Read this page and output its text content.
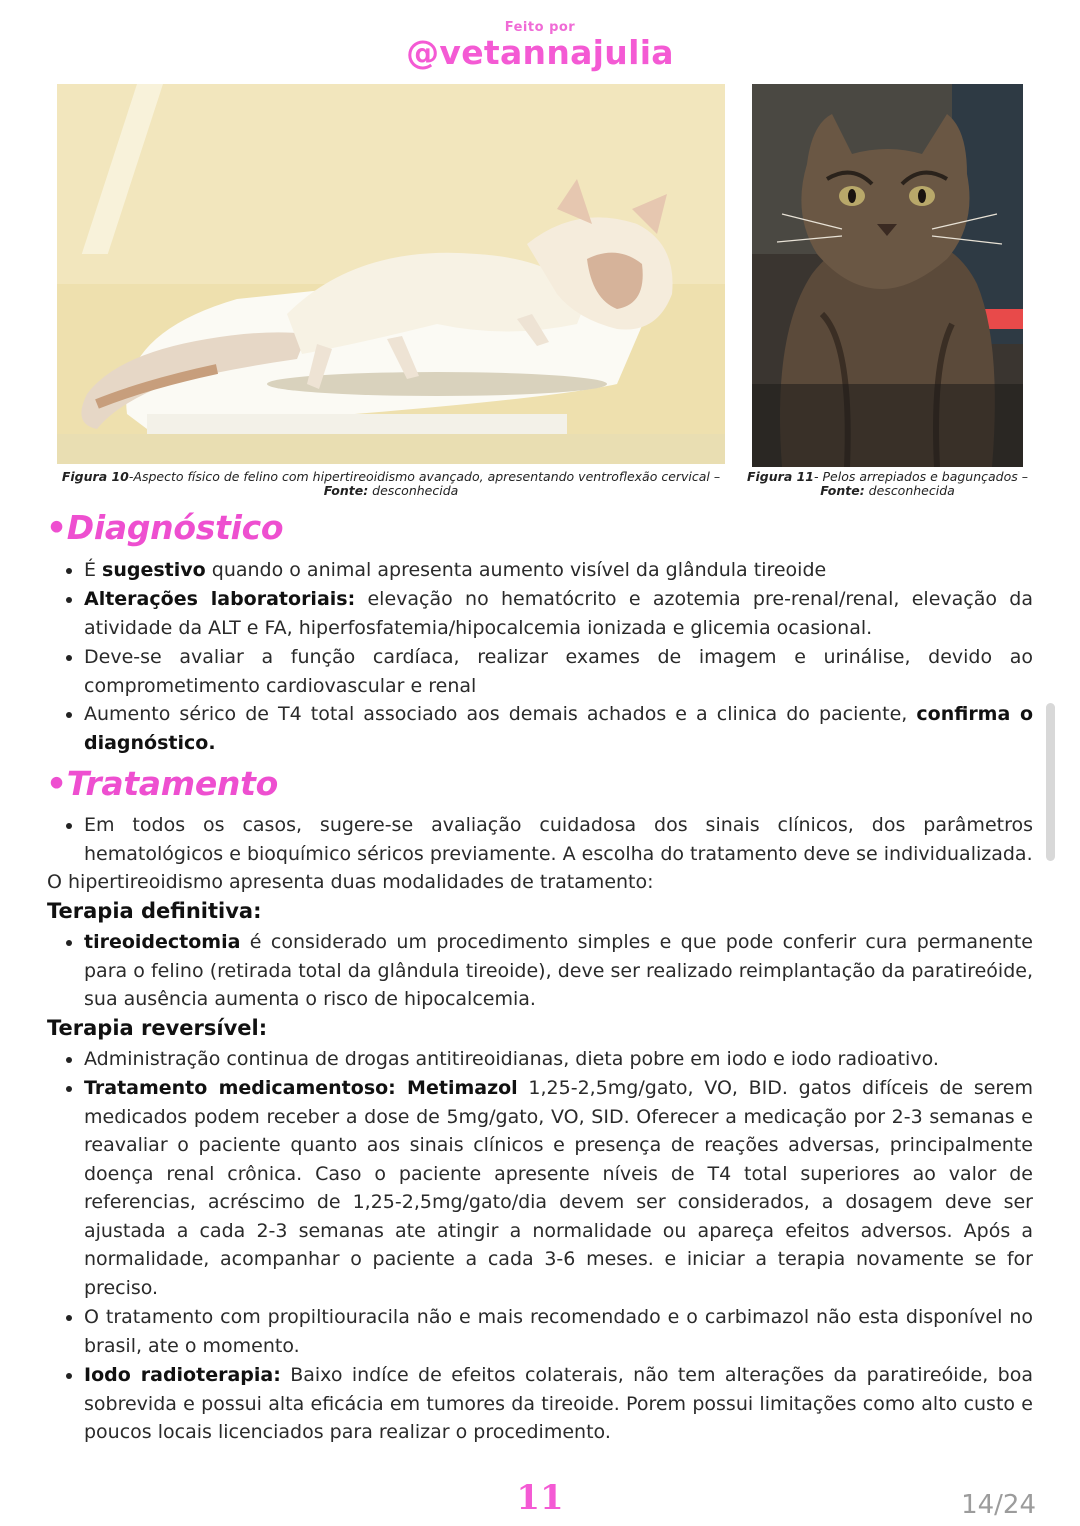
Feito por
@vetannajulia
Figura 10-Aspecto físico de felino com hipertireoidismo avançado, apresentando ventroflexão cervical – Fonte: desconhecida
Figura 11- Pelos arrepiados e bagunçados – Fonte: desconhecida
•Diagnóstico
É sugestivo quando o animal apresenta aumento visível da glândula tireoide
Alterações laboratoriais: elevação no hematócrito e azotemia pre-renal/renal, elevação da atividade da ALT e FA, hiperfosfatemia/hipocalcemia ionizada e glicemia ocasional.
Deve-se avaliar a função cardíaca, realizar exames de imagem e urinálise, devido ao comprometimento cardiovascular e renal
Aumento sérico de T4 total associado aos demais achados e a clinica do paciente, confirma o diagnóstico.
•Tratamento
Em todos os casos, sugere-se avaliação cuidadosa dos sinais clínicos, dos parâmetros hematológicos e bioquímico séricos previamente. A escolha do tratamento deve se individualizada.
O hipertireoidismo apresenta duas modalidades de tratamento:
Terapia definitiva:
tireoidectomia é considerado um procedimento simples e que pode conferir cura permanente para o felino (retirada total da glândula tireoide), deve ser realizado reimplantação da paratireóide, sua ausência aumenta o risco de hipocalcemia.
Terapia reversível:
Administração continua de drogas antitireoidianas, dieta pobre em iodo e iodo radioativo.
Tratamento medicamentoso: Metimazol 1,25-2,5mg/gato, VO, BID. gatos difíceis de serem medicados podem receber a dose de 5mg/gato, VO, SID. Oferecer a medicação por 2-3 semanas e reavaliar o paciente quanto aos sinais clínicos e presença de reações adversas, principalmente doença renal crônica. Caso o paciente apresente níveis de T4 total superiores ao valor de referencias, acréscimo de 1,25-2,5mg/gato/dia devem ser considerados, a dosagem deve ser ajustada a cada 2-3 semanas ate atingir a normalidade ou apareça efeitos adversos. Após a normalidade, acompanhar o paciente a cada 3-6 meses. e iniciar a terapia novamente se for preciso.
O tratamento com propiltiouracila não e mais recomendado e o carbimazol não esta disponível no brasil, ate o momento.
Iodo radioterapia: Baixo indíce de efeitos colaterais, não tem alterações da paratireóide, boa sobrevida e possui alta eficácia em tumores da tireoide. Porem possui limitações como alto custo e poucos locais licenciados para realizar o procedimento.
11	14/24
